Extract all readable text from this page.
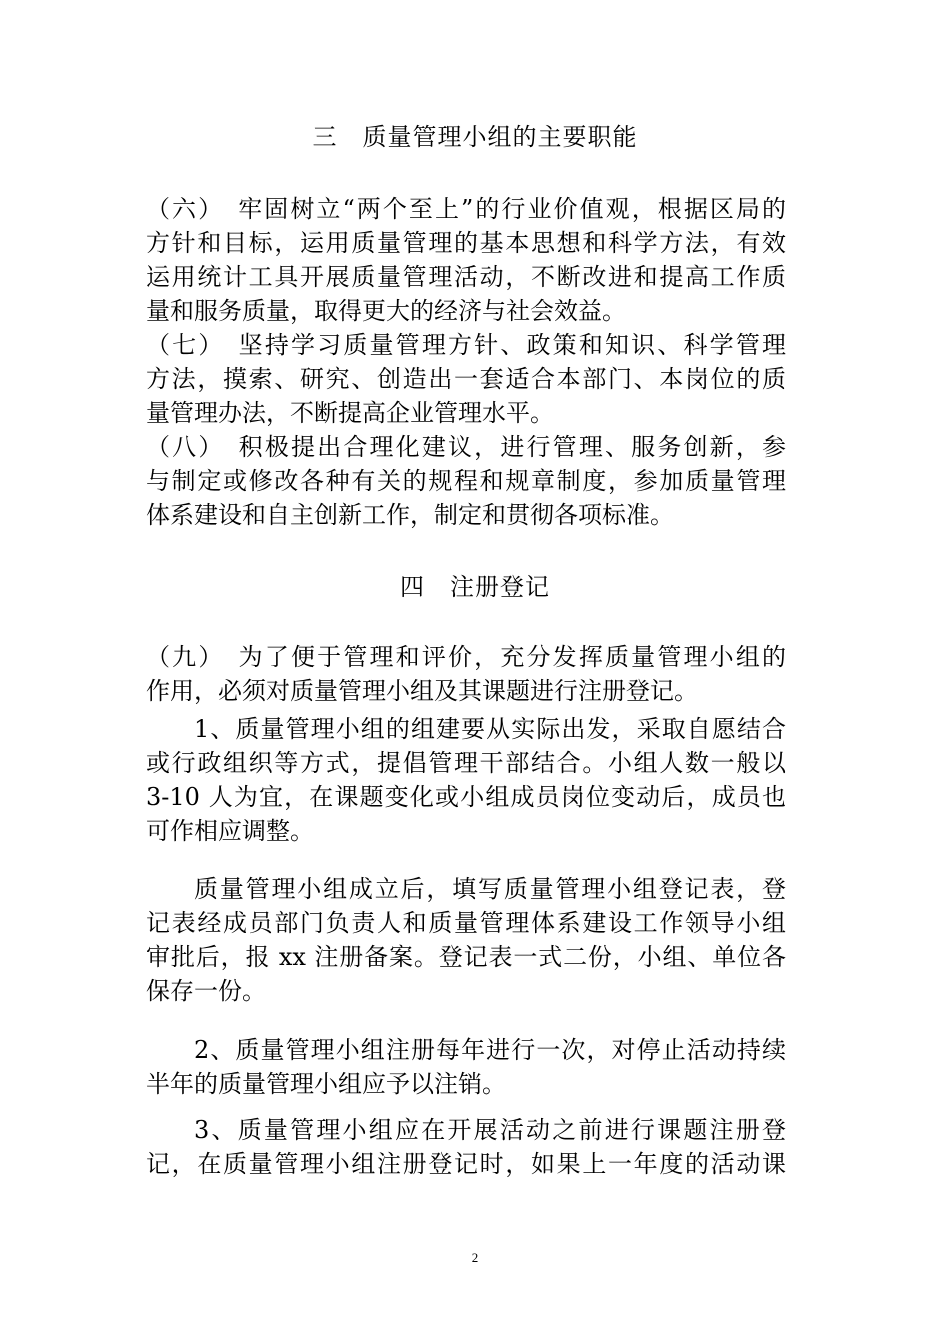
三　质量管理小组的主要职能
（六）　牢固树立“两个至上”的行业价值观，根据区局的
方针和目标，运用质量管理的基本思想和科学方法，有效
运用统计工具开展质量管理活动，不断改进和提高工作质
量和服务质量，取得更大的经济与社会效益。
（七）　坚持学习质量管理方针、政策和知识、科学管理
方法，摸索、研究、创造出一套适合本部门、本岗位的质
量管理办法，不断提高企业管理水平。
（八）　积极提出合理化建议，进行管理、服务创新，参
与制定或修改各种有关的规程和规章制度，参加质量管理
体系建设和自主创新工作，制定和贯彻各项标准。
四　注册登记
（九）　为了便于管理和评价，充分发挥质量管理小组的
作用，必须对质量管理小组及其课题进行注册登记。
1、质量管理小组的组建要从实际出发，采取自愿结合
或行政组织等方式，提倡管理干部结合。小组人数一般以
3-10 人为宜，在课题变化或小组成员岗位变动后，成员也
可作相应调整。
质量管理小组成立后，填写质量管理小组登记表，登
记表经成员部门负责人和质量管理体系建设工作领导小组
审批后，报 xx 注册备案。登记表一式二份，小组、单位各
保存一份。
2、质量管理小组注册每年进行一次，对停止活动持续
半年的质量管理小组应予以注销。
3、质量管理小组应在开展活动之前进行课题注册登
记，在质量管理小组注册登记时，如果上一年度的活动课
2
